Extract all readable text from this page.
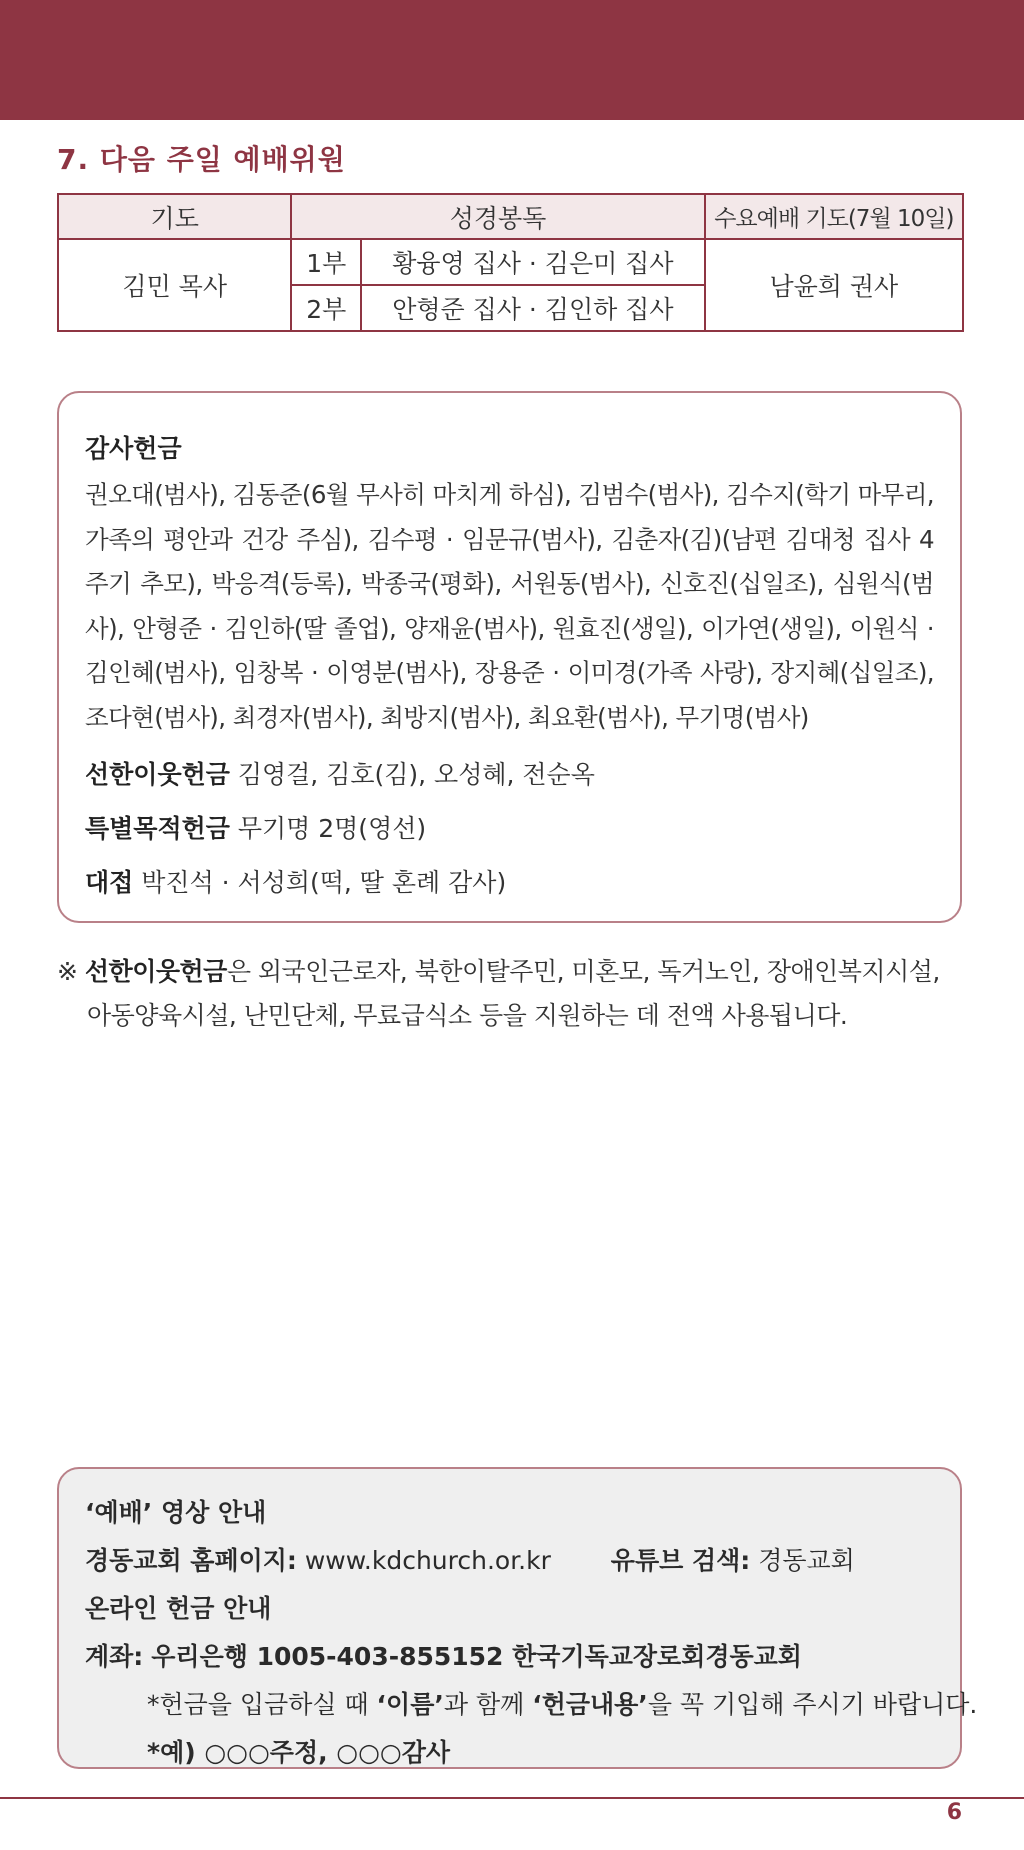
7. 다음 주일 예배위원
기도	성경봉독		수요예배 기도(7월 10일)
김민 목사	1부	황융영 집사 · 김은미 집사	남윤희 권사
	2부	안형준 집사 · 김인하 집사	
감사헌금
권오대(범사), 김동준(6월 무사히 마치게 하심), 김범수(범사), 김수지(학기 마무리, 가족의 평안과 건강 주심), 김수평 · 임문규(범사), 김춘자(김)(남편 김대청 집사 4주기 추모), 박응격(등록), 박종국(평화), 서원동(범사), 신호진(십일조), 심원식(범사), 안형준 · 김인하(딸 졸업), 양재윤(범사), 원효진(생일), 이가연(생일), 이원식 · 김인혜(범사), 임창복 · 이영분(범사), 장용준 · 이미경(가족 사랑), 장지혜(십일조), 조다현(범사), 최경자(범사), 최방지(범사), 최요환(범사), 무기명(범사)
선한이웃헌금 김영걸, 김호(김), 오성혜, 전순옥
특별목적헌금 무기명 2명(영선)
대접 박진석 · 서성희(떡, 딸 혼례 감사)
※ 선한이웃헌금은 외국인근로자, 북한이탈주민, 미혼모, 독거노인, 장애인복지시설,
아동양육시설, 난민단체, 무료급식소 등을 지원하는 데 전액 사용됩니다.
‘예배’ 영상 안내
경동교회 홈페이지: www.kdchurch.or.kr 유튜브 검색: 경동교회
온라인 헌금 안내
계좌: 우리은행 1005-403-855152 한국기독교장로회경동교회
*헌금을 입금하실 때 ‘이름’과 함께 ‘헌금내용’을 꼭 기입해 주시기 바랍니다.
*예) ○○○주정, ○○○감사
6
